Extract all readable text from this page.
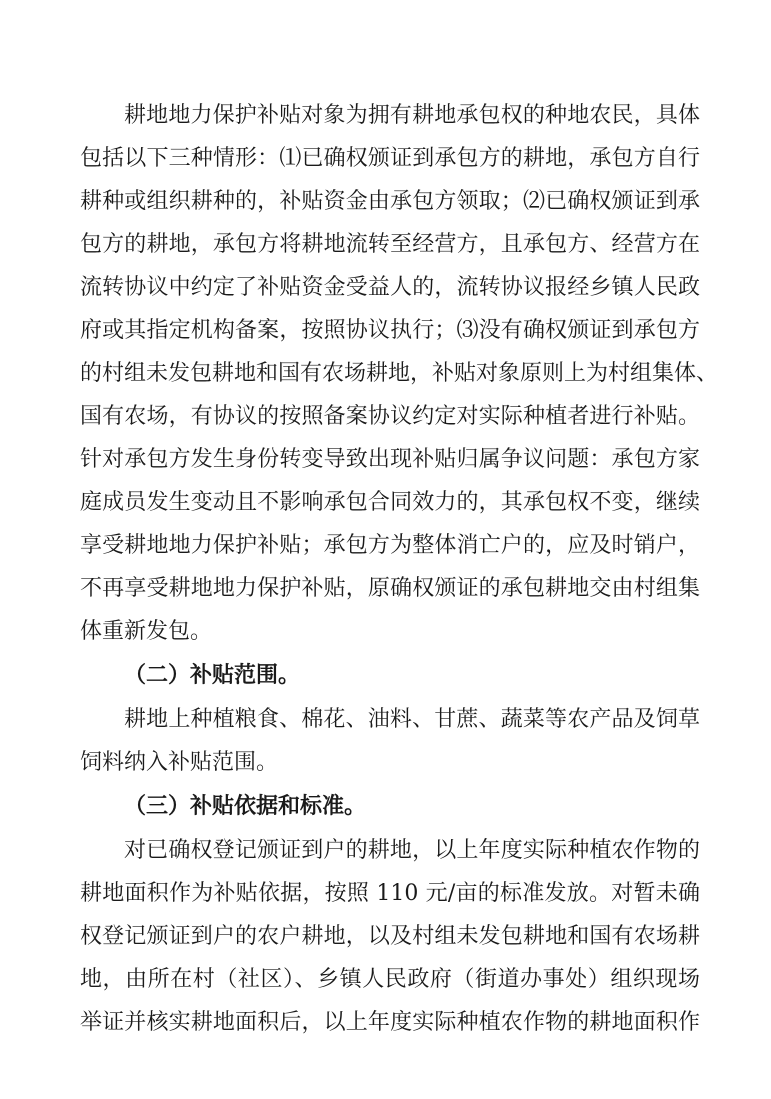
耕地地力保护补贴对象为拥有耕地承包权的种地农民，具体
包括以下三种情形：⑴已确权颁证到承包方的耕地，承包方自行
耕种或组织耕种的，补贴资金由承包方领取；⑵已确权颁证到承
包方的耕地，承包方将耕地流转至经营方，且承包方、经营方在
流转协议中约定了补贴资金受益人的，流转协议报经乡镇人民政
府或其指定机构备案，按照协议执行；⑶没有确权颁证到承包方
的村组未发包耕地和国有农场耕地，补贴对象原则上为村组集体、
国有农场，有协议的按照备案协议约定对实际种植者进行补贴。
针对承包方发生身份转变导致出现补贴归属争议问题：承包方家
庭成员发生变动且不影响承包合同效力的，其承包权不变，继续
享受耕地地力保护补贴；承包方为整体消亡户的，应及时销户，
不再享受耕地地力保护补贴，原确权颁证的承包耕地交由村组集
体重新发包。
（二）补贴范围。
耕地上种植粮食、棉花、油料、甘蔗、蔬菜等农产品及饲草
饲料纳入补贴范围。
（三）补贴依据和标准。
对已确权登记颁证到户的耕地，以上年度实际种植农作物的
耕地面积作为补贴依据，按照 110 元/亩的标准发放。对暂未确
权登记颁证到户的农户耕地，以及村组未发包耕地和国有农场耕
地，由所在村（社区）、乡镇人民政府（街道办事处）组织现场
举证并核实耕地面积后，以上年度实际种植农作物的耕地面积作
